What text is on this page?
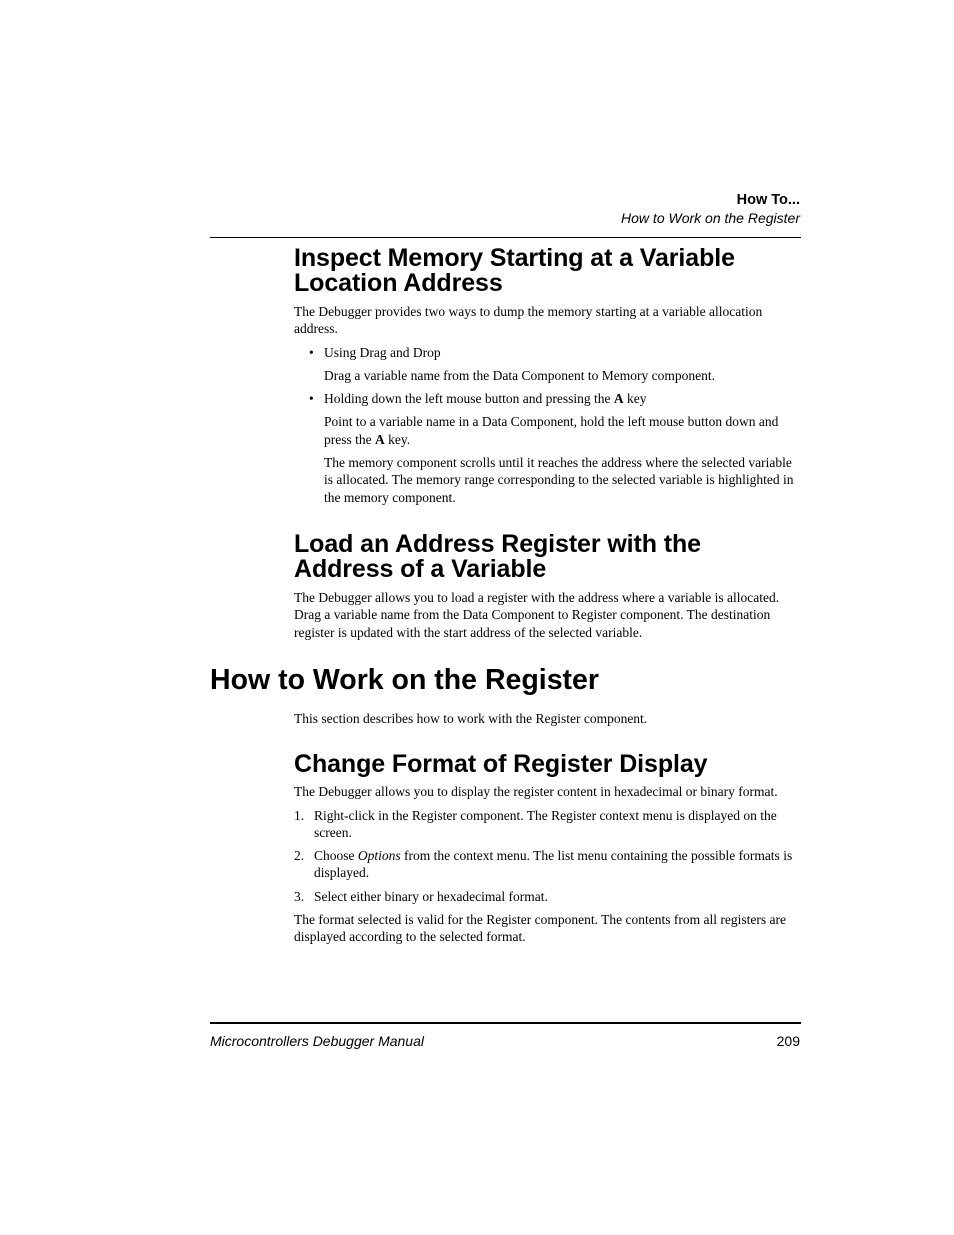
How To...
How to Work on the Register
Inspect Memory Starting at a Variable
Location Address

The Debugger provides two ways to dump the memory starting at a variable allocation address.

• Using Drag and Drop

Drag a variable name from the Data Component to Memory component.

• Holding down the left mouse button and pressing the A key

Point to a variable name in a Data Component, hold the left mouse button down and press the A key.

The memory component scrolls until it reaches the address where the selected variable is allocated. The memory range corresponding to the selected variable is highlighted in the memory component.

Load an Address Register with the
Address of a Variable

The Debugger allows you to load a register with the address where a variable is allocated. Drag a variable name from the Data Component to Register component. The destination register is updated with the start address of the selected variable.

How to Work on the Register

This section describes how to work with the Register component.

Change Format of Register Display

The Debugger allows you to display the register content in hexadecimal or binary format.

1. Right-click in the Register component. The Register context menu is displayed on the screen.
2. Choose Options from the context menu. The list menu containing the possible formats is displayed.
3. Select either binary or hexadecimal format.

The format selected is valid for the Register component. The contents from all registers are displayed according to the selected format.

Microcontrollers Debugger Manual	209
